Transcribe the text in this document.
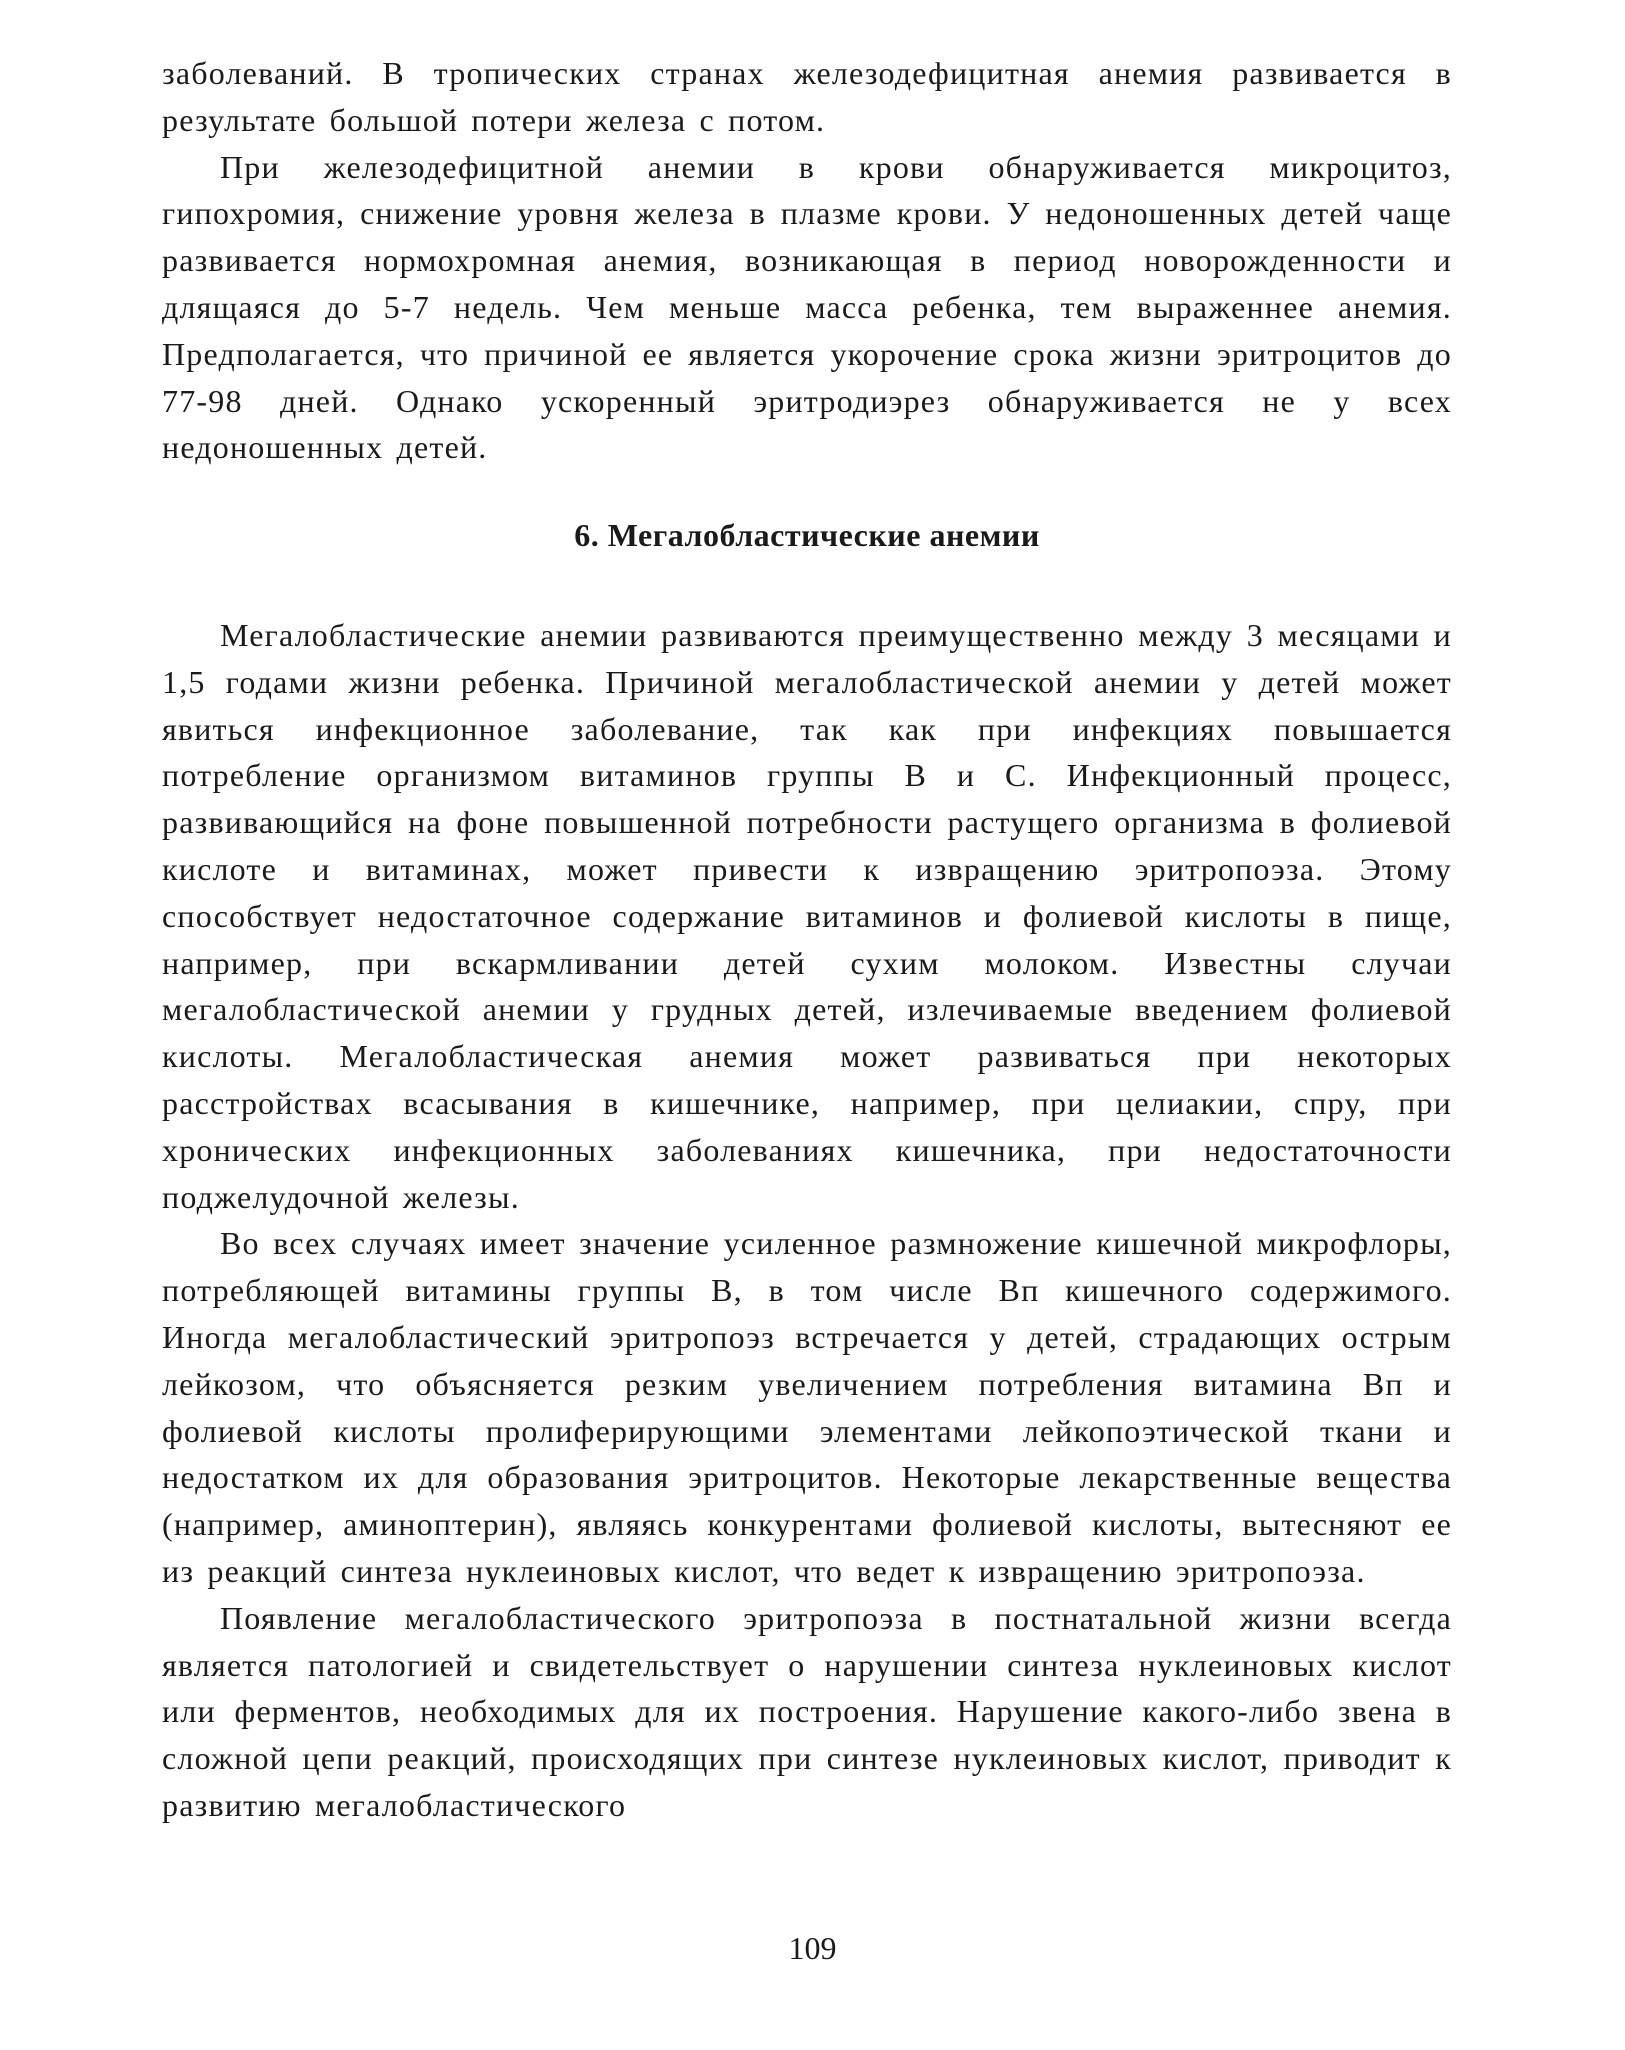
заболеваний. В тропических странах железодефицитная анемия развивается в результате большой потери железа с потом.

При железодефицитной анемии в крови обнаруживается микроцитоз, гипохромия, снижение уровня железа в плазме крови. У недоношенных детей чаще развивается нормохромная анемия, возникающая в период новорожденности и длящаяся до 5-7 недель. Чем меньше масса ребенка, тем выраженнее анемия. Предполагается, что причиной ее является укорочение срока жизни эритроцитов до 77-98 дней. Однако ускоренный эритродиэрез обнаруживается не у всех недоношенных детей.

6. Мегалобластические анемии

Мегалобластические анемии развиваются преимущественно между 3 месяцами и 1,5 годами жизни ребенка. Причиной мегалобластической анемии у детей может явиться инфекционное заболевание, так как при инфекциях повышается потребление организмом витаминов группы В и С. Инфекционный процесс, развивающийся на фоне повышенной потребности растущего организма в фолиевой кислоте и витаминах, может привести к извращению эритропоэза. Этому способствует недостаточное содержание витаминов и фолиевой кислоты в пище, например, при вскармливании детей сухим молоком. Известны случаи мегалобластической анемии у грудных детей, излечиваемые введением фолиевой кислоты. Мегалобластическая анемия может развиваться при некоторых расстройствах всасывания в кишечнике, например, при целиакии, спру, при хронических инфекционных заболеваниях кишечника, при недостаточности поджелудочной железы.

Во всех случаях имеет значение усиленное размножение кишечной микрофлоры, потребляющей витамины группы В, в том числе Вп кишечного содержимого. Иногда мегалобластический эритропоэз встречается у детей, страдающих острым лейкозом, что объясняется резким увеличением потребления витамина Вп и фолиевой кислоты пролиферирующими элементами лейкопоэтической ткани и недостатком их для образования эритроцитов. Некоторые лекарственные вещества (например, аминоптерин), являясь конкурентами фолиевой кислоты, вытесняют ее из реакций синтеза нуклеиновых кислот, что ведет к извращению эритропоэза.

Появление мегалобластического эритропоэза в постнатальной жизни всегда является патологией и свидетельствует о нарушении синтеза нуклеиновых кислот или ферментов, необходимых для их построения. Нарушение какого-либо звена в сложной цепи реакций, происходящих при синтезе нуклеиновых кислот, приводит к развитию мегалобластического

109
